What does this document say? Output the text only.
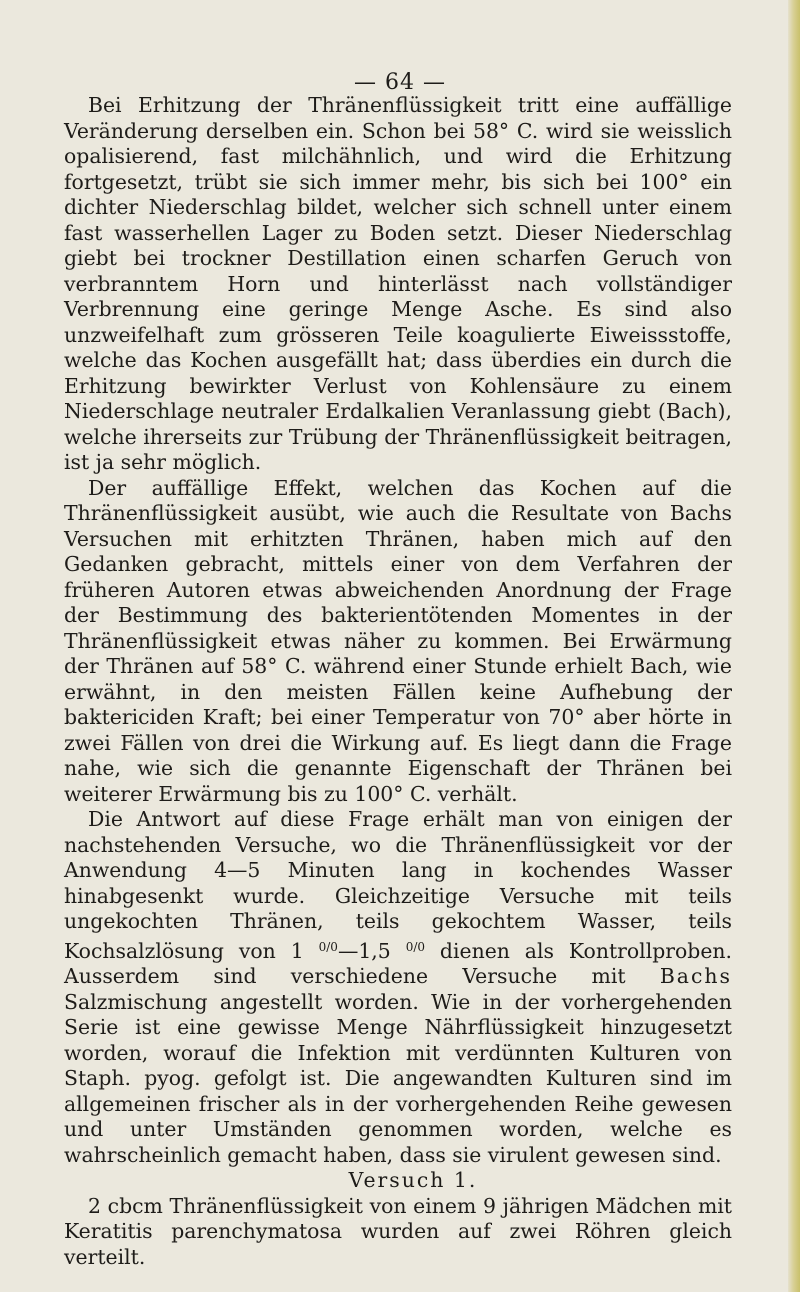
— 64 —

Bei Erhitzung der Thränenflüssigkeit tritt eine auffällige Veränderung derselben ein. Schon bei 58° C. wird sie weisslich opalisierend, fast milchähnlich, und wird die Erhitzung fortgesetzt, trübt sie sich immer mehr, bis sich bei 100° ein dichter Niederschlag bildet, welcher sich schnell unter einem fast wasserhellen Lager zu Boden setzt. Dieser Niederschlag giebt bei trockner Destillation einen scharfen Geruch von verbranntem Horn und hinterlässt nach vollständiger Verbrennung eine geringe Menge Asche. Es sind also unzweifelhaft zum grösseren Teile koagulierte Eiweissstoffe, welche das Kochen ausgefällt hat; dass überdies ein durch die Erhitzung bewirkter Verlust von Kohlensäure zu einem Niederschlage neutraler Erdalkalien Veranlassung giebt (Bach), welche ihrerseits zur Trübung der Thränenflüssigkeit beitragen, ist ja sehr möglich.

Der auffällige Effekt, welchen das Kochen auf die Thränenflüssigkeit ausübt, wie auch die Resultate von Bachs Versuchen mit erhitzten Thränen, haben mich auf den Gedanken gebracht, mittels einer von dem Verfahren der früheren Autoren etwas abweichenden Anordnung der Frage der Bestimmung des bakterientötenden Momentes in der Thränenflüssigkeit etwas näher zu kommen. Bei Erwärmung der Thränen auf 58° C. während einer Stunde erhielt Bach, wie erwähnt, in den meisten Fällen keine Aufhebung der baktericiden Kraft; bei einer Temperatur von 70° aber hörte in zwei Fällen von drei die Wirkung auf. Es liegt dann die Frage nahe, wie sich die genannte Eigenschaft der Thränen bei weiterer Erwärmung bis zu 100° C. verhält.

Die Antwort auf diese Frage erhält man von einigen der nachstehenden Versuche, wo die Thränenflüssigkeit vor der Anwendung 4—5 Minuten lang in kochendes Wasser hinabgesenkt wurde. Gleichzeitige Versuche mit teils ungekochten Thränen, teils gekochtem Wasser, teils Kochsalzlösung von 1 $^{0/0}$—1,5 $^{0/0}$ dienen als Kontrollproben. Ausserdem sind verschiedene Versuche mit Bachs Salzmischung angestellt worden. Wie in der vorhergehenden Serie ist eine gewisse Menge Nährflüssigkeit hinzugesetzt worden, worauf die Infektion mit verdünnten Kulturen von Staph. pyog. gefolgt ist. Die angewandten Kulturen sind im allgemeinen frischer als in der vorhergehenden Reihe gewesen und unter Umständen genommen worden, welche es wahrscheinlich gemacht haben, dass sie virulent gewesen sind.

Versuch 1.

2 cbcm Thränenflüssigkeit von einem 9 jährigen Mädchen mit Keratitis parenchymatosa wurden auf zwei Röhren gleich verteilt.
